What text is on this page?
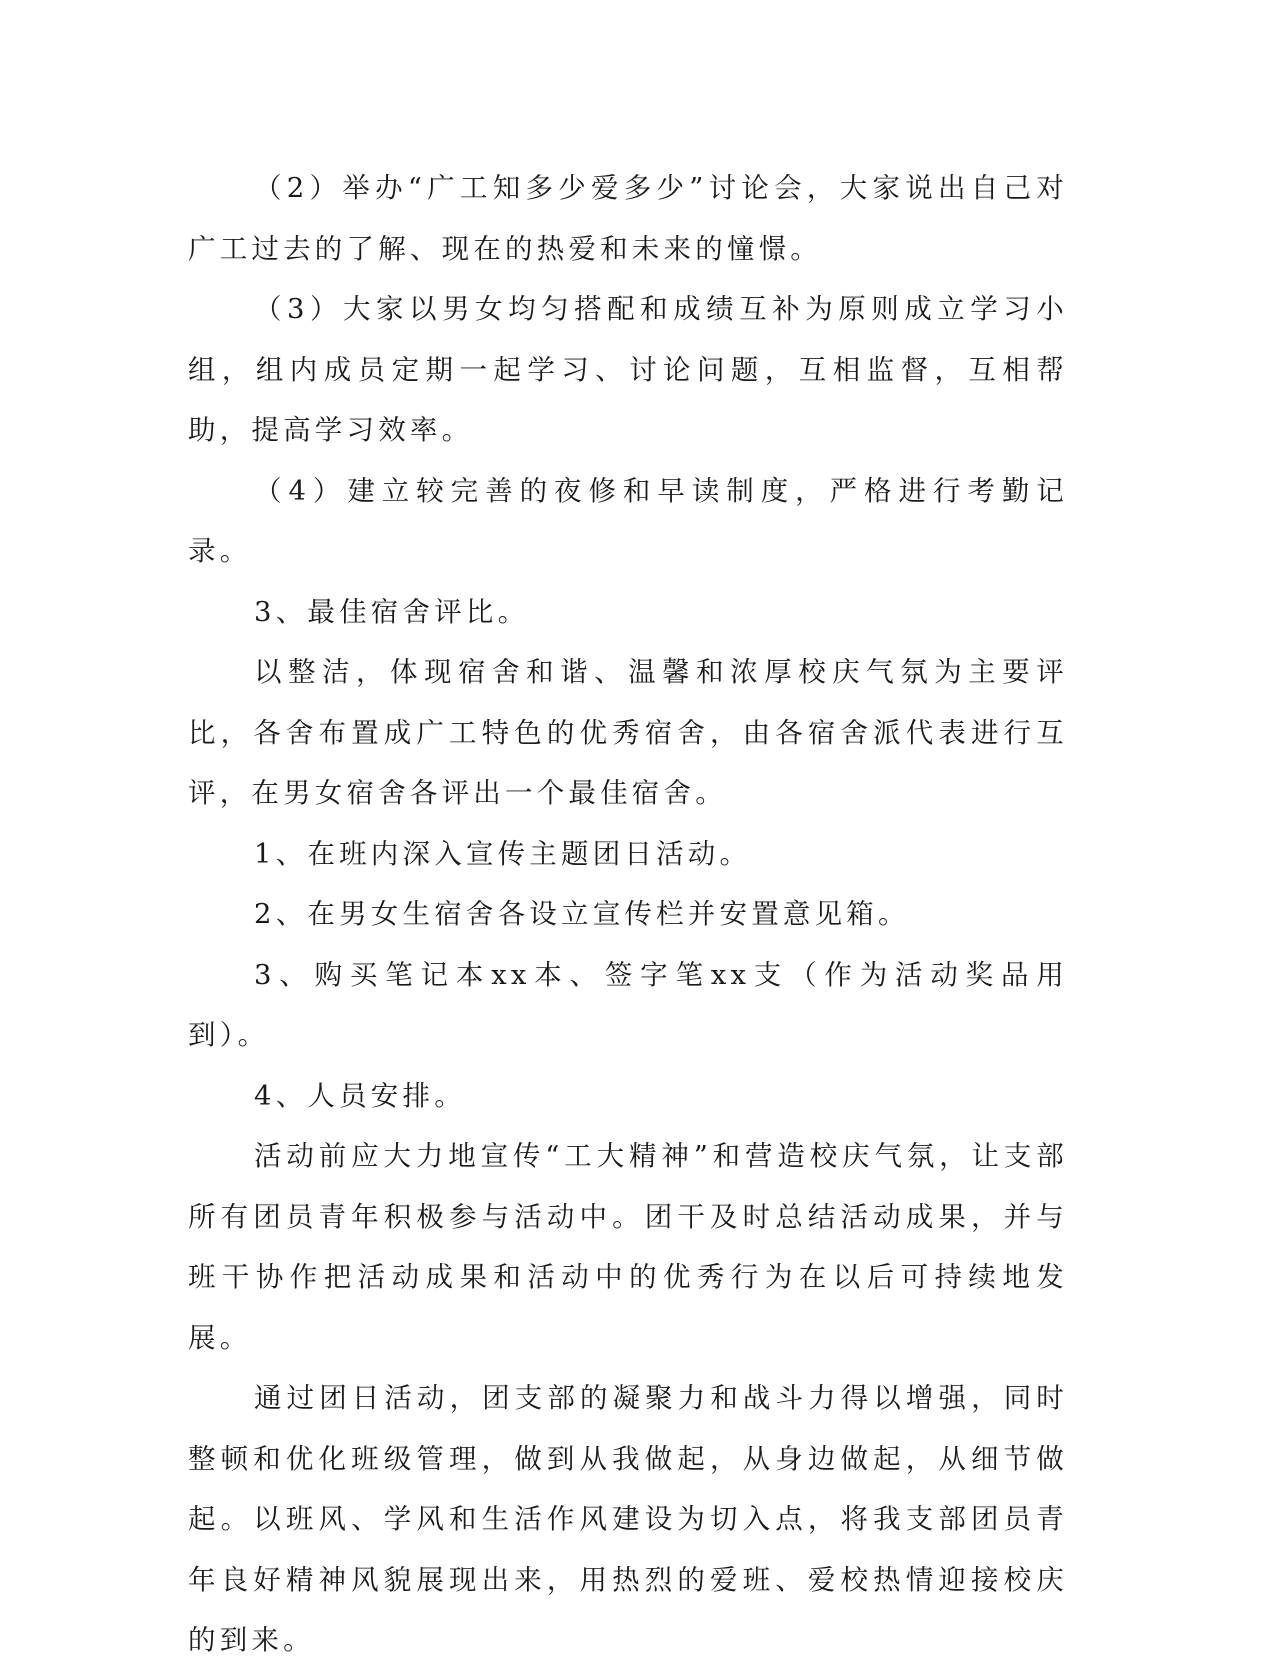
（2）举办“广工知多少爱多少”讨论会，大家说出自己对广工过去的了解、现在的热爱和未来的憧憬。

（3）大家以男女均匀搭配和成绩互补为原则成立学习小组，组内成员定期一起学习、讨论问题，互相监督，互相帮助，提高学习效率。

（4）建立较完善的夜修和早读制度，严格进行考勤记录。

3、最佳宿舍评比。

以整洁，体现宿舍和谐、温馨和浓厚校庆气氛为主要评比，各舍布置成广工特色的优秀宿舍，由各宿舍派代表进行互评，在男女宿舍各评出一个最佳宿舍。

1、在班内深入宣传主题团日活动。

2、在男女生宿舍各设立宣传栏并安置意见箱。

3、购买笔记本xx本、签字笔xx支（作为活动奖品用到）。

4、人员安排。

活动前应大力地宣传“工大精神”和营造校庆气氛，让支部所有团员青年积极参与活动中。团干及时总结活动成果，并与班干协作把活动成果和活动中的优秀行为在以后可持续地发展。

通过团日活动，团支部的凝聚力和战斗力得以增强，同时整顿和优化班级管理，做到从我做起，从身边做起，从细节做起。以班风、学风和生活作风建设为切入点，将我支部团员青年良好精神风貌展现出来，用热烈的爱班、爱校热情迎接校庆的到来。
